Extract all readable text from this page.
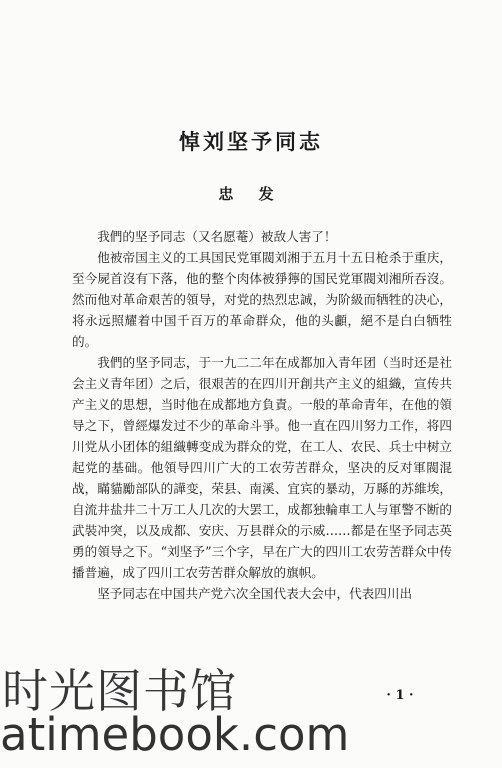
悼刘坚予同志
忠 发

我們的坚予同志（又名愿菴）被敌人害了！

他被帝国主义的工具国民党軍閥刘湘于五月十五日枪杀于重庆，至今屍首沒有下落，他的整个肉体被猙獰的国民党軍閥刘湘所吞沒。然而他对革命艰苦的領导，对党的热烈忠誠，为阶級而牺牲的决心，将永远照耀着中国千百万的革命群众，他的头顱，絕不是白白牺牲的。

我們的坚予同志，于一九二二年在成都加入青年团（当时还是社会主义青年团）之后，很艰苦的在四川开創共产主义的組織，宣传共产主义的思想，当时他在成都地方負責。一般的革命青年，在他的領导之下，曾經爆发过不少的革命斗爭。他一直在四川努力工作，将四川党从小团体的組織轉变成为群众的党，在工人、农民、兵士中树立起党的基础。他領导四川广大的工农劳苦群众，坚决的反对軍閥混战，瞞貓勵部队的譁变，荣县、南溪、宜宾的暴动，万縣的苏維埃，自流井盐井二十万工人几次的大罢工，成都独輪車工人与軍警不断的武裝冲突，以及成都、安庆、万县群众的示威……都是在坚予同志英勇的領导之下。“刘坚予”三个字，早在广大的四川工农劳苦群众中传播普遍，成了四川工农劳苦群众解放的旗帜。

坚予同志在中国共产党六次全国代表大会中，代表四川出

· 1 ·
时光图书馆
atimebook.com
